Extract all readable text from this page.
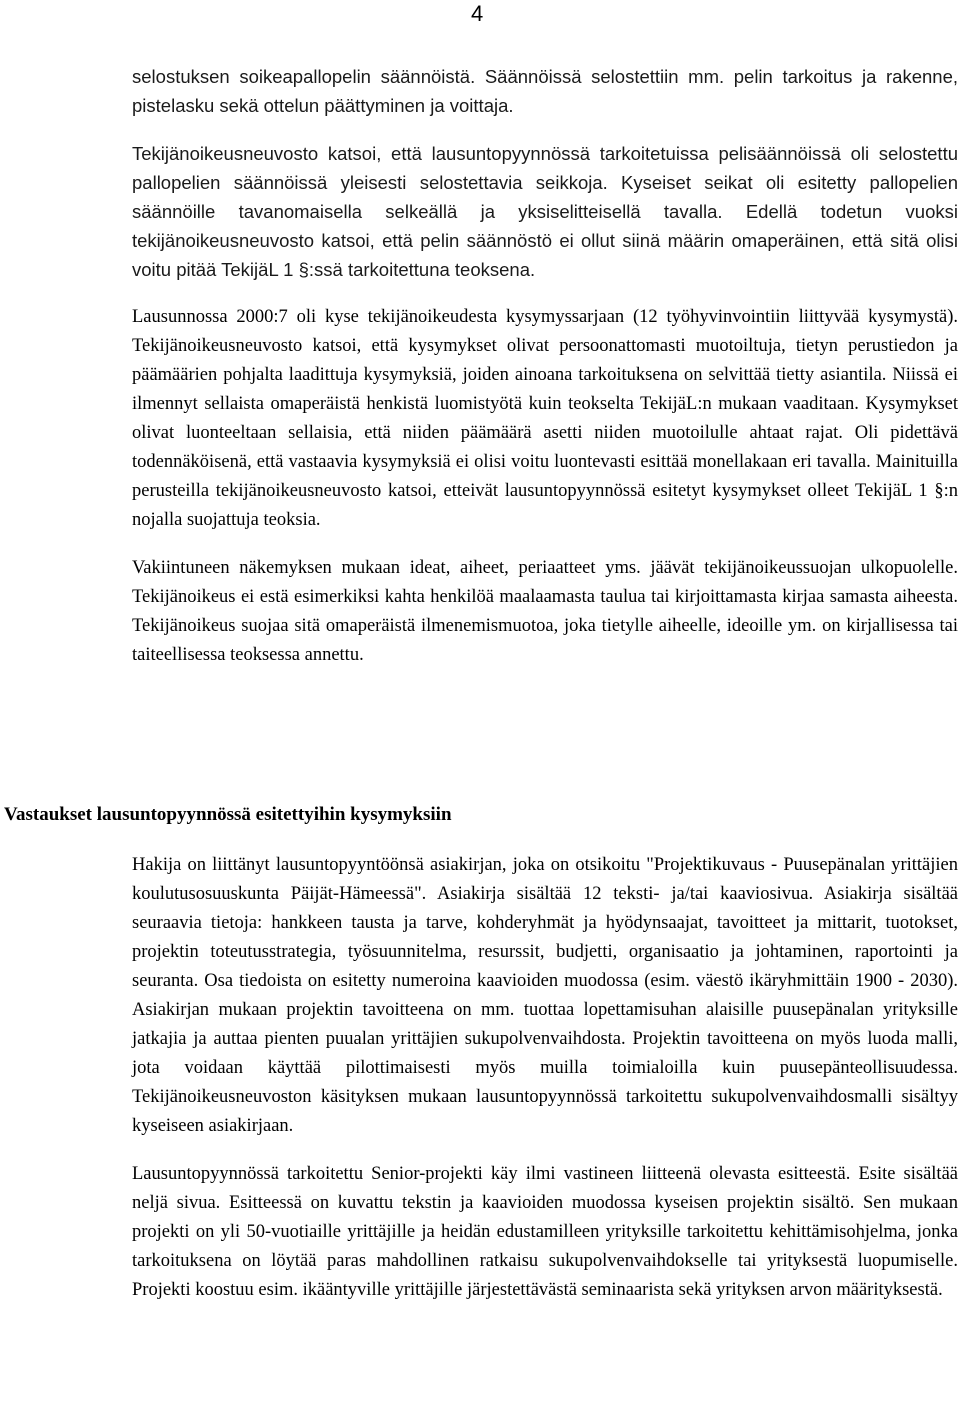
4

selostuksen soikeapallopelin säännöistä. Säännöissä selostettiin mm. pelin tarkoitus ja rakenne, pistelasku sekä ottelun päättyminen ja voittaja.

Tekijänoikeusneuvosto katsoi, että lausuntopyynnössä tarkoitetuissa pelisäännöissä oli selostettu pallopelien säännöissä yleisesti selostettavia seikkoja. Kyseiset seikat oli esitetty pallopelien säännöille tavanomaisella selkeällä ja yksiselitteisellä tavalla. Edellä todetun vuoksi tekijänoikeusneuvosto katsoi, että pelin säännöstö ei ollut siinä määrin omaperäinen, että sitä olisi voitu pitää TekijäL 1 §:ssä tarkoitettuna teoksena.

Lausunnossa 2000:7 oli kyse tekijänoikeudesta kysymyssarjaan (12 työhyvinvointiin liittyvää kysymystä). Tekijänoikeusneuvosto katsoi, että kysymykset olivat persoonattomasti muotoiltuja, tietyn perustiedon ja päämäärien pohjalta laadittuja kysymyksiä, joiden ainoana tarkoituksena on selvittää tietty asiantila. Niissä ei ilmennyt sellaista omaperäistä henkistä luomistyötä kuin teokselta TekijäL:n mukaan vaaditaan. Kysymykset olivat luonteeltaan sellaisia, että niiden päämäärä asetti niiden muotoilulle ahtaat rajat. Oli pidettävä todennäköisenä, että vastaavia kysymyksiä ei olisi voitu luontevasti esittää monellakaan eri tavalla. Mainituilla perusteilla tekijänoikeusneuvosto katsoi, etteivät lausuntopyynnössä esitetyt kysymykset olleet TekijäL 1 §:n nojalla suojattuja teoksia.

Vakiintuneen näkemyksen mukaan ideat, aiheet, periaatteet yms. jäävät tekijänoikeussuojan ulkopuolelle. Tekijänoikeus ei estä esimerkiksi kahta henkilöä maalaamasta taulua tai kirjoittamasta kirjaa samasta aiheesta. Tekijänoikeus suojaa sitä omaperäistä ilmenemismuotoa, joka tietylle aiheelle, ideoille ym. on kirjallisessa tai taiteellisessa teoksessa annettu.

Vastaukset lausuntopyynnössä esitettyihin kysymyksiin

Hakija on liittänyt lausuntopyyntöönsä asiakirjan, joka on otsikoitu "Projektikuvaus - Puusepänalan yrittäjien koulutusosuuskunta Päijät-Hämeessä". Asiakirja sisältää 12 teksti- ja/tai kaaviosivua. Asiakirja sisältää seuraavia tietoja: hankkeen tausta ja tarve, kohderyhmät ja hyödynsaajat, tavoitteet ja mittarit, tuotokset, projektin toteutusstrategia, työsuunnitelma, resurssit, budjetti, organisaatio ja johtaminen, raportointi ja seuranta. Osa tiedoista on esitetty numeroina kaavioiden muodossa (esim. väestö ikäryhmittäin 1900 - 2030). Asiakirjan mukaan projektin tavoitteena on mm. tuottaa lopettamisuhan alaisille puusepänalan yrityksille jatkajia ja auttaa pienten puualan yrittäjien sukupolvenvaihdosta. Projektin tavoitteena on myös luoda malli, jota voidaan käyttää pilottimaisesti myös muilla toimialoilla kuin puusepänteollisuudessa. Tekijänoikeusneuvoston käsityksen mukaan lausuntopyynnössä tarkoitettu sukupolvenvaihdosmalli sisältyy kyseiseen asiakirjaan.

Lausuntopyynnössä tarkoitettu Senior-projekti käy ilmi vastineen liitteenä olevasta esitteestä. Esite sisältää neljä sivua. Esitteessä on kuvattu tekstin ja kaavioiden muodossa kyseisen projektin sisältö. Sen mukaan projekti on yli 50-vuotiaille yrittäjille ja heidän edustamilleen yrityksille tarkoitettu kehittämisohjelma, jonka tarkoituksena on löytää paras mahdollinen ratkaisu sukupolvenvaihdokselle tai yrityksestä luopumiselle. Projekti koostuu esim. ikääntyville yrittäjille järjestettävästä seminaarista sekä yrityksen arvon määrityksestä.
